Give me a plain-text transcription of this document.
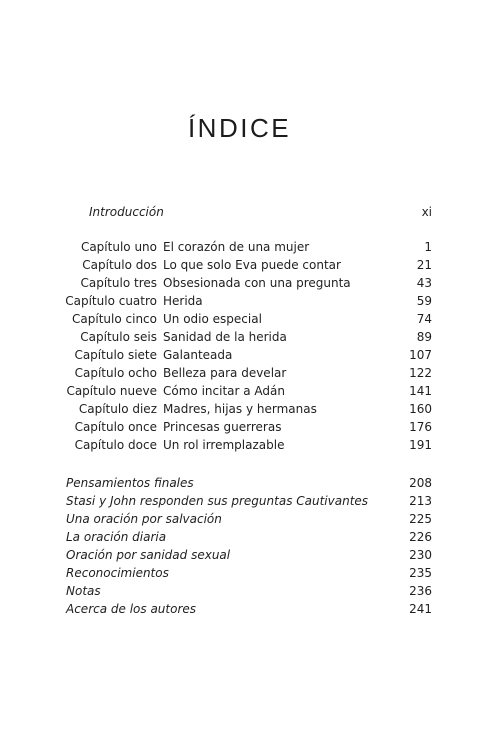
ÍNDICE
Introducción	xi
Capítulo uno El corazón de una mujer	1
Capítulo dos Lo que solo Eva puede contar	21
Capítulo tres Obsesionada con una pregunta	43
Capítulo cuatro Herida	59
Capítulo cinco Un odio especial	74
Capítulo seis Sanidad de la herida	89
Capítulo siete Galanteada	107
Capítulo ocho Belleza para develar	122
Capítulo nueve Cómo incitar a Adán	141
Capítulo diez Madres, hijas y hermanas	160
Capítulo once Princesas guerreras	176
Capítulo doce Un rol irremplazable	191
Pensamientos finales	208
Stasi y John responden sus preguntas Cautivantes	213
Una oración por salvación	225
La oración diaria	226
Oración por sanidad sexual	230
Reconocimientos	235
Notas	236
Acerca de los autores	241
